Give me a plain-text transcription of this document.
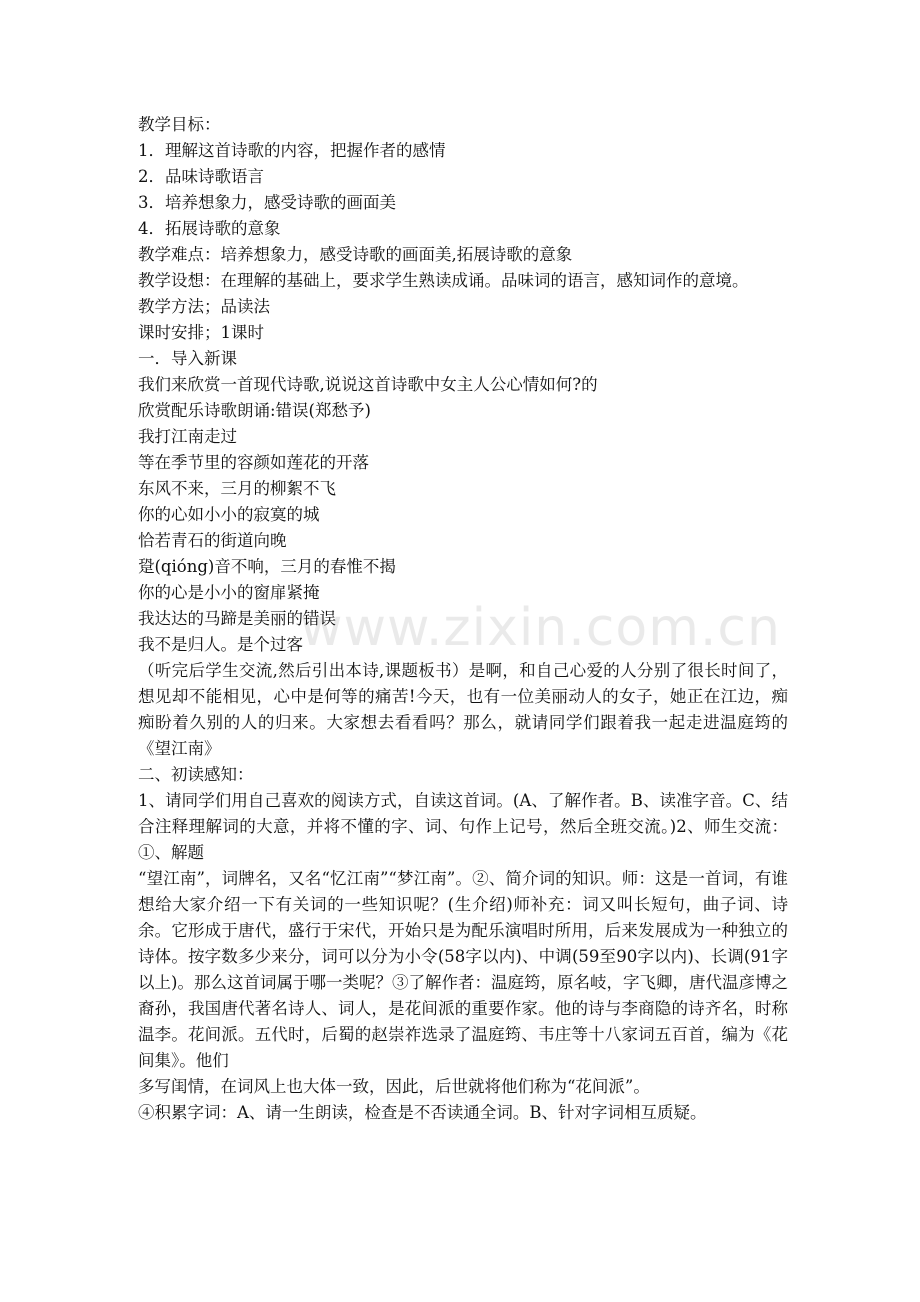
www.zixin.com.cn

教学目标：

1．理解这首诗歌的内容，把握作者的感情

2．品味诗歌语言

3．培养想象力，感受诗歌的画面美

4．拓展诗歌的意象

教学难点：培养想象力，感受诗歌的画面美,拓展诗歌的意象

教学设想：在理解的基础上，要求学生熟读成诵。品味词的语言，感知词作的意境。

教学方法；品读法

课时安排；1课时

一．导入新课

我们来欣赏一首现代诗歌,说说这首诗歌中女主人公心情如何?的

欣赏配乐诗歌朗诵:错误(郑愁予)

我打江南走过

等在季节里的容颜如莲花的开落

东风不来，三月的柳絮不飞

你的心如小小的寂寞的城

恰若青石的街道向晚

跫(qióng)音不响，三月的春惟不揭

你的心是小小的窗扉紧掩

我达达的马蹄是美丽的错误

我不是归人。是个过客

（听完后学生交流,然后引出本诗,课题板书）是啊，和自己心爱的人分别了很长时间了，想见却不能相见，心中是何等的痛苦!今天，也有一位美丽动人的女子，她正在江边，痴痴盼着久别的人的归来。大家想去看看吗？那么，就请同学们跟着我一起走进温庭筠的《望江南》

二、初读感知：

1、请同学们用自己喜欢的阅读方式，自读这首词。(A、了解作者。B、读准字音。C、结合注释理解词的大意，并将不懂的字、词、句作上记号，然后全班交流。)2、师生交流：①、解题

“望江南”，词牌名，又名“忆江南”“梦江南”。②、简介词的知识。师：这是一首词，有谁想给大家介绍一下有关词的一些知识呢？(生介绍)师补充：词又叫长短句，曲子词、诗余。它形成于唐代，盛行于宋代，开始只是为配乐演唱时所用，后来发展成为一种独立的诗体。按字数多少来分，词可以分为小令(58字以内)、中调(59至90字以内)、长调(91字以上)。那么这首词属于哪一类呢？③了解作者：温庭筠，原名岐，字飞卿，唐代温彦博之裔孙，我国唐代著名诗人、词人，是花间派的重要作家。他的诗与李商隐的诗齐名，时称温李。花间派。五代时，后蜀的赵崇祚选录了温庭筠、韦庄等十八家词五百首，编为《花间集》。他们

多写闺情，在词风上也大体一致，因此，后世就将他们称为“花间派”。

④积累字词：A、请一生朗读，检查是不否读通全词。B、针对字词相互质疑。
